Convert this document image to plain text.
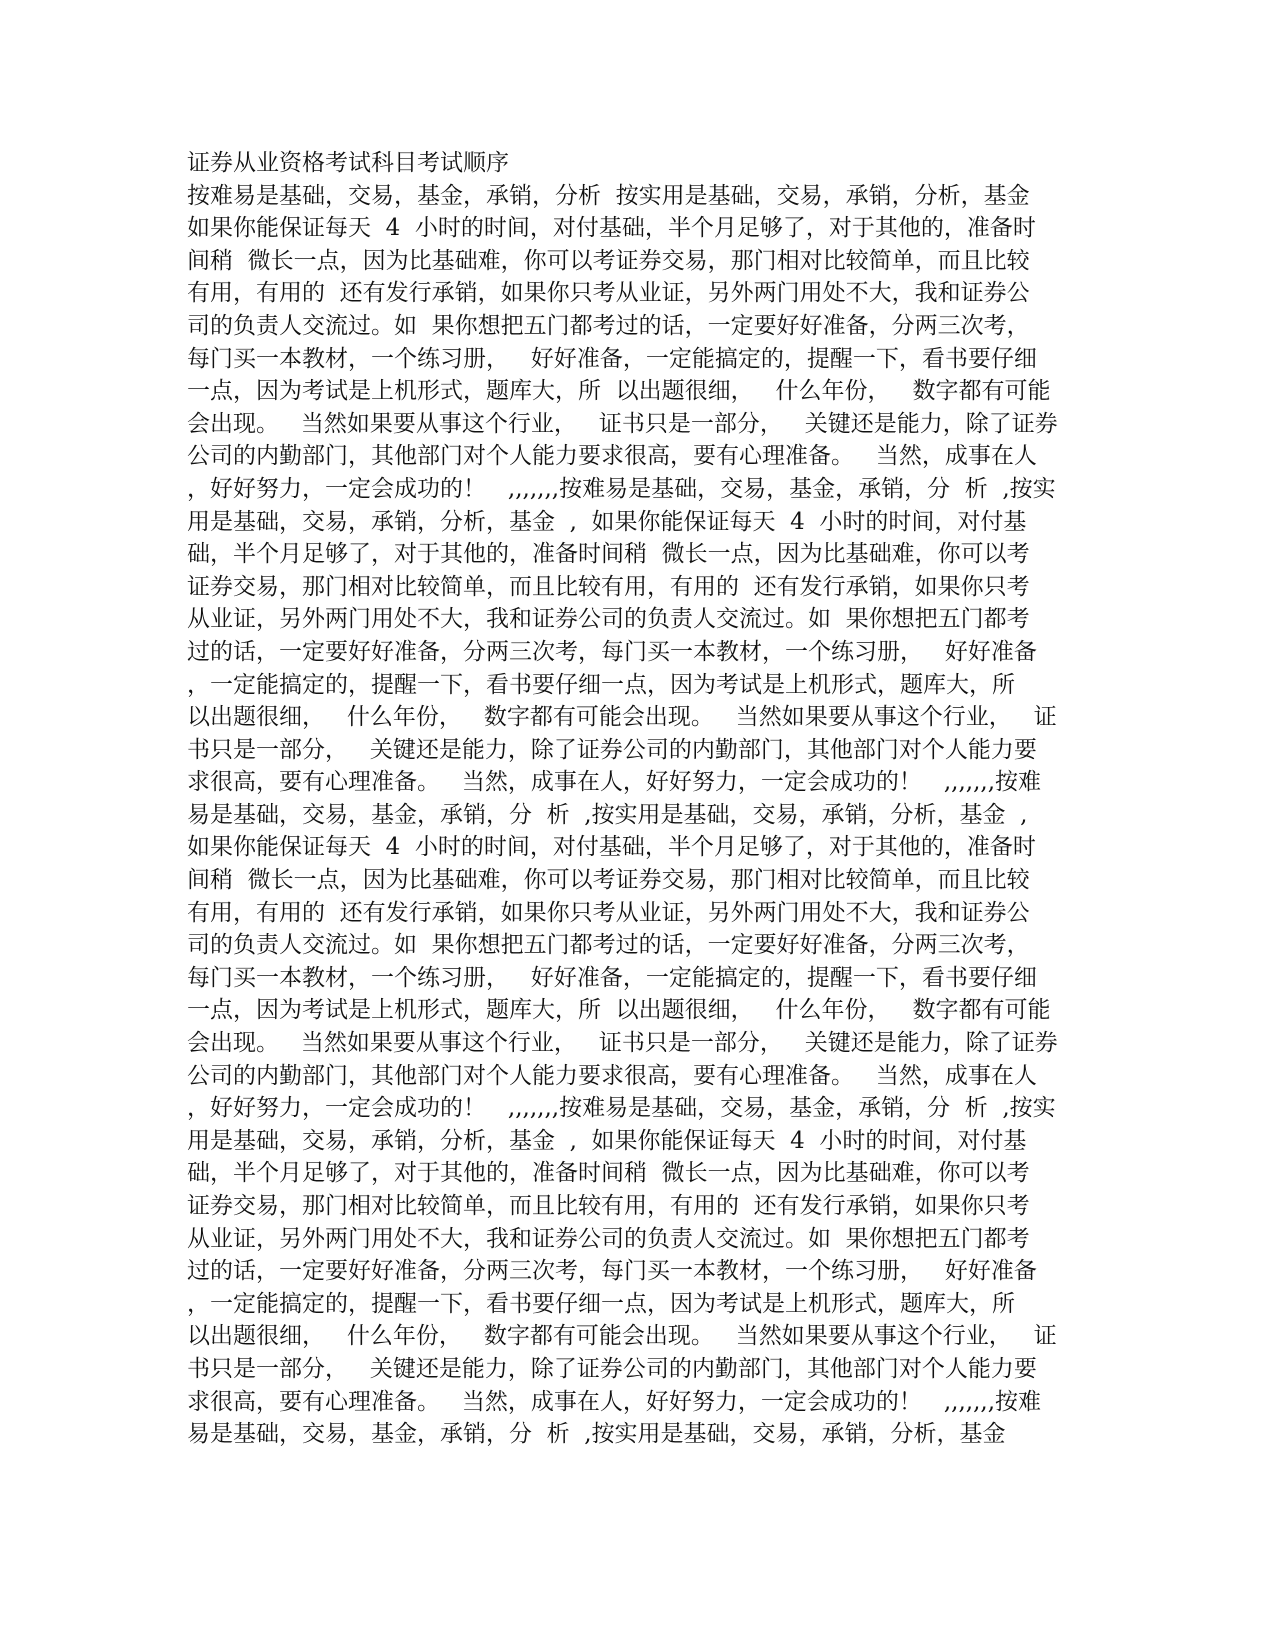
证券从业资格考试科目考试顺序
按难易是基础，交易，基金，承销，分析  按实用是基础，交易，承销，分析，基金
如果你能保证每天  4  小时的时间，对付基础，半个月足够了，对于其他的，准备时
间稍  微长一点，因为比基础难，你可以考证券交易，那门相对比较简单，而且比较
有用，有用的  还有发行承销，如果你只考从业证，另外两门用处不大，我和证券公
司的负责人交流过。如  果你想把五门都考过的话，一定要好好准备，分两三次考，
每门买一本教材，一个练习册，   好好准备，一定能搞定的，提醒一下，看书要仔细
一点，因为考试是上机形式，题库大，所  以出题很细，   什么年份，   数字都有可能
会出现。   当然如果要从事这个行业，   证书只是一部分，   关键还是能力，除了证券
公司的内勤部门，其他部门对个人能力要求很高，要有心理准备。   当然，成事在人
，好好努力，一定会成功的！   ,,,,,,,按难易是基础，交易，基金，承销，分  析  ,按实
用是基础，交易，承销，分析，基金  ,  如果你能保证每天  4  小时的时间，对付基
础，半个月足够了，对于其他的，准备时间稍  微长一点，因为比基础难，你可以考
证券交易，那门相对比较简单，而且比较有用，有用的  还有发行承销，如果你只考
从业证，另外两门用处不大，我和证券公司的负责人交流过。如  果你想把五门都考
过的话，一定要好好准备，分两三次考，每门买一本教材，一个练习册，   好好准备
，一定能搞定的，提醒一下，看书要仔细一点，因为考试是上机形式，题库大，所
以出题很细，   什么年份，   数字都有可能会出现。   当然如果要从事这个行业，   证
书只是一部分，   关键还是能力，除了证券公司的内勤部门，其他部门对个人能力要
求很高，要有心理准备。   当然，成事在人，好好努力，一定会成功的！   ,,,,,,,按难
易是基础，交易，基金，承销，分  析  ,按实用是基础，交易，承销，分析，基金  ,
如果你能保证每天  4  小时的时间，对付基础，半个月足够了，对于其他的，准备时
间稍  微长一点，因为比基础难，你可以考证券交易，那门相对比较简单，而且比较
有用，有用的  还有发行承销，如果你只考从业证，另外两门用处不大，我和证券公
司的负责人交流过。如  果你想把五门都考过的话，一定要好好准备，分两三次考，
每门买一本教材，一个练习册，   好好准备，一定能搞定的，提醒一下，看书要仔细
一点，因为考试是上机形式，题库大，所  以出题很细，   什么年份，   数字都有可能
会出现。   当然如果要从事这个行业，   证书只是一部分，   关键还是能力，除了证券
公司的内勤部门，其他部门对个人能力要求很高，要有心理准备。   当然，成事在人
，好好努力，一定会成功的！   ,,,,,,,按难易是基础，交易，基金，承销，分  析  ,按实
用是基础，交易，承销，分析，基金  ,  如果你能保证每天  4  小时的时间，对付基
础，半个月足够了，对于其他的，准备时间稍  微长一点，因为比基础难，你可以考
证券交易，那门相对比较简单，而且比较有用，有用的  还有发行承销，如果你只考
从业证，另外两门用处不大，我和证券公司的负责人交流过。如  果你想把五门都考
过的话，一定要好好准备，分两三次考，每门买一本教材，一个练习册，   好好准备
，一定能搞定的，提醒一下，看书要仔细一点，因为考试是上机形式，题库大，所
以出题很细，   什么年份，   数字都有可能会出现。   当然如果要从事这个行业，   证
书只是一部分，   关键还是能力，除了证券公司的内勤部门，其他部门对个人能力要
求很高，要有心理准备。   当然，成事在人，好好努力，一定会成功的！   ,,,,,,,按难
易是基础，交易，基金，承销，分  析  ,按实用是基础，交易，承销，分析，基金
